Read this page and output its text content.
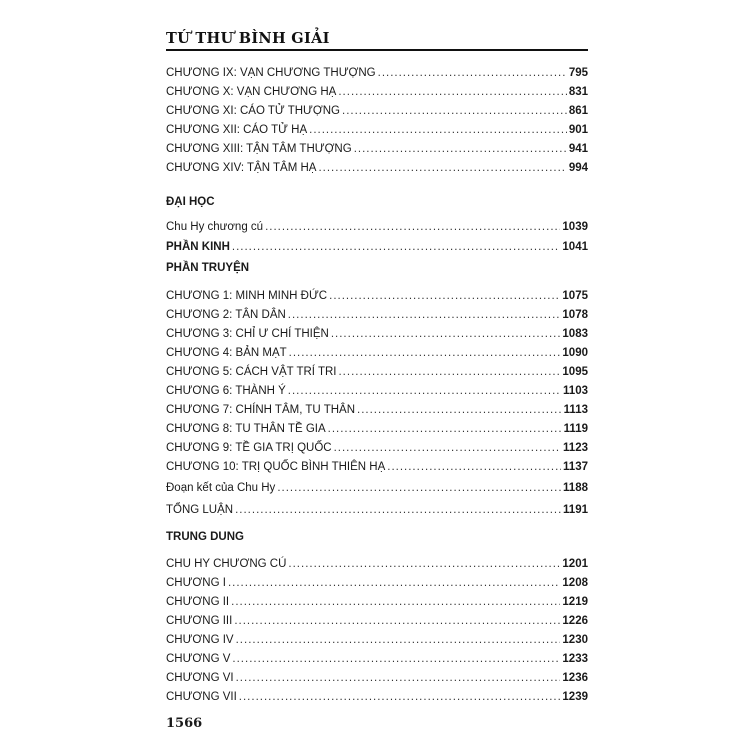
TỨ THƯ BÌNH GIẢI
CHƯƠNG IX: VẠN CHƯƠNG THƯỢNG .....	795
CHƯƠNG X: VẠN CHƯƠNG HẠ .....	831
CHƯƠNG XI: CÁO TỬ THƯỢNG .....	861
CHƯƠNG XII: CÁO TỬ HẠ .....	901
CHƯƠNG XIII: TẬN TÂM THƯỢNG .....	941
CHƯƠNG XIV: TẬN TÂM HẠ .....	994
ĐẠI HỌC
Chu Hy chương cú .....	1039
PHẦN KINH .....	1041
PHẦN TRUYỆN
CHƯƠNG 1: MINH MINH ĐỨC .....	1075
CHƯƠNG 2: TÂN DÂN .....	1078
CHƯƠNG 3: CHỈ Ư CHÍ THIỆN .....	1083
CHƯƠNG 4: BẢN MẠT .....	1090
CHƯƠNG 5: CÁCH VẬT TRÍ TRI .....	1095
CHƯƠNG 6: THÀNH Ý .....	1103
CHƯƠNG 7: CHÍNH TÂM, TU THÂN .....	1113
CHƯƠNG 8: TU THÂN TỀ GIA .....	1119
CHƯƠNG 9: TỀ GIA TRỊ QUỐC .....	1123
CHƯƠNG 10: TRỊ QUỐC BÌNH THIÊN HẠ .....	1137
Đoạn kết của Chu Hy .....	1188
TỔNG LUẬN .....	1191
TRUNG DUNG
CHU HY CHƯƠNG CÚ .....	1201
CHƯƠNG I .....	1208
CHƯƠNG II .....	1219
CHƯƠNG III .....	1226
CHƯƠNG IV .....	1230
CHƯƠNG V .....	1233
CHƯƠNG VI .....	1236
CHƯƠNG VII .....	1239
1566
